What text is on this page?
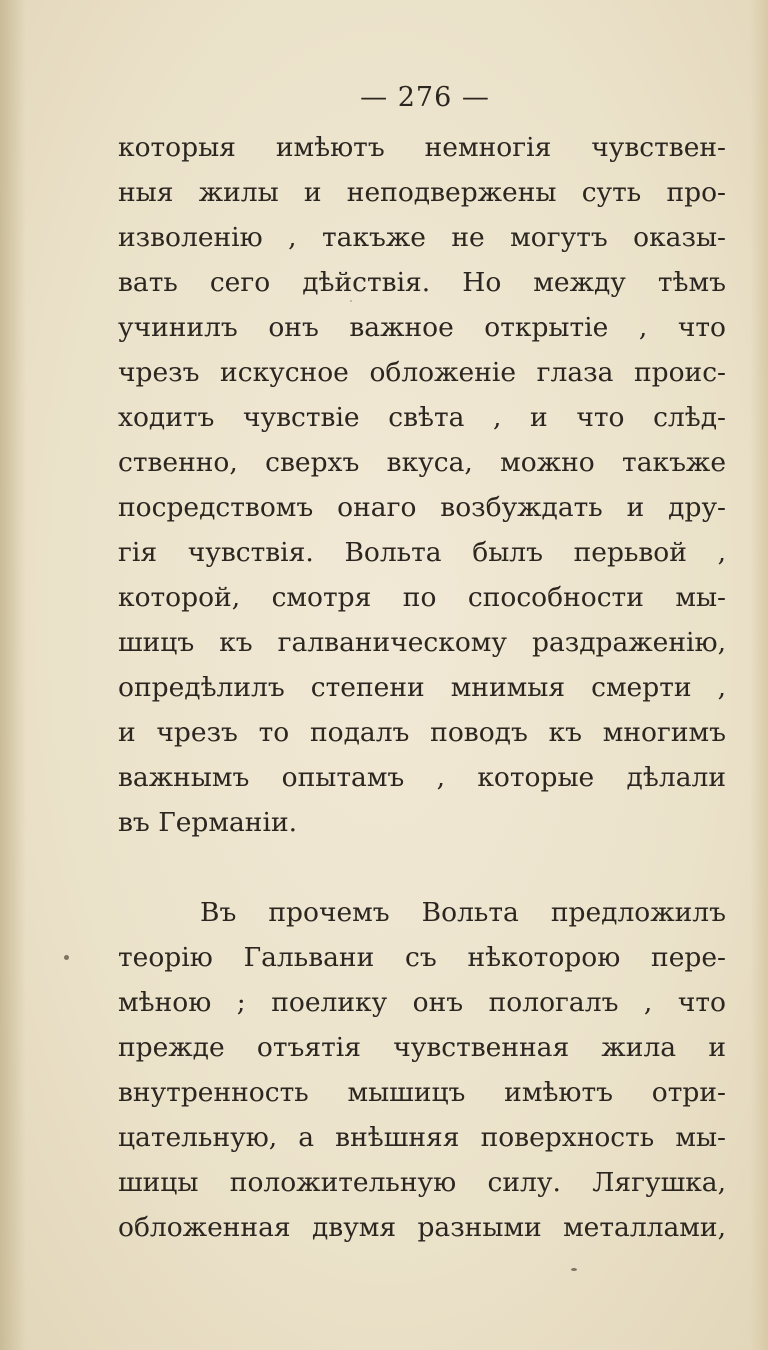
— 276 —
которыя имѣютъ немногія чувствен-
ныя жилы и неподвержены суть про-
изволенію , такъже не могутъ оказы-
вать сего дѣйствія. Но между тѣмъ
учинилъ онъ важное открытіе , что
чрезъ искусное обложеніе глаза проис-
ходитъ чувствіе свѣта , и что слѣд-
ственно, сверхъ вкуса, можно такъже
посредствомъ онаго возбуждать и дру-
гія чувствія. Вольта былъ перьвой ,
которой, смотря по способности мы-
шицъ къ галваническому раздраженію,
опредѣлилъ степени мнимыя смерти ,
и чрезъ то подалъ поводъ къ многимъ
важнымъ опытамъ , которые дѣлали
въ Германіи.
Въ прочемъ Вольта предложилъ
теорію Гальвани съ нѣкоторою пере-
мѣною ; поелику онъ пологалъ , что
прежде отъятія чувственная жила и
внутренность мышицъ имѣютъ отри-
цательную, а внѣшняя поверхность мы-
шицы положительную силу. Лягушка,
обложенная двумя разными металлами,
